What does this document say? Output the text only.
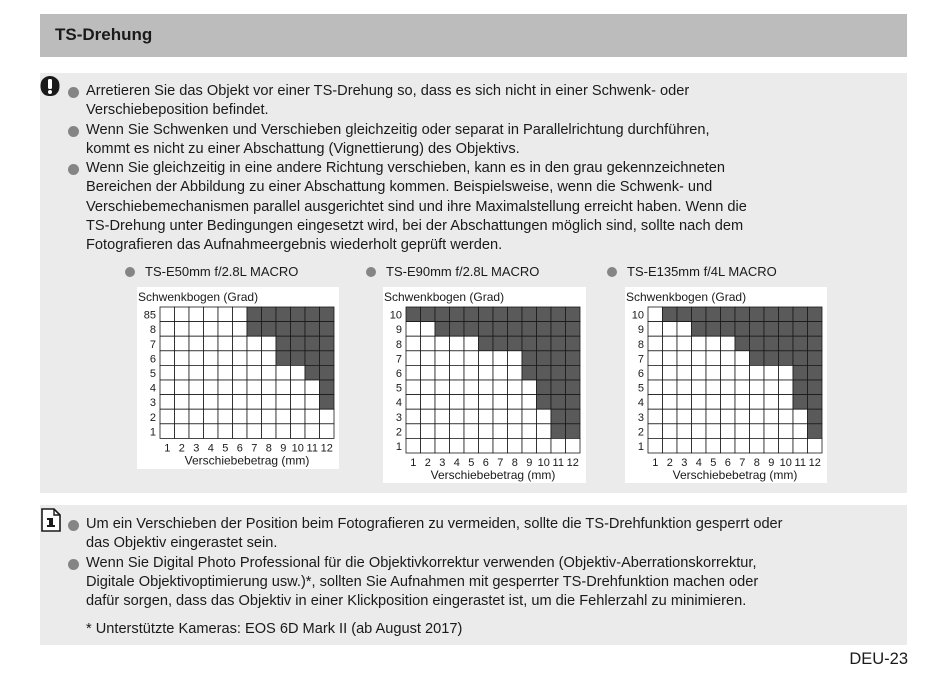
TS-Drehung
Arretieren Sie das Objekt vor einer TS-Drehung so, dass es sich nicht in einer Schwenk- oder
Verschiebeposition befindet.
Wenn Sie Schwenken und Verschieben gleichzeitig oder separat in Parallelrichtung durchführen,
kommt es nicht zu einer Abschattung (Vignettierung) des Objektivs.
Wenn Sie gleichzeitig in eine andere Richtung verschieben, kann es in den grau gekennzeichneten
Bereichen der Abbildung zu einer Abschattung kommen. Beispielsweise, wenn die Schwenk- und
Verschiebemechanismen parallel ausgerichtet sind und ihre Maximalstellung erreicht haben. Wenn die
TS-Drehung unter Bedingungen eingesetzt wird, bei der Abschattungen möglich sind, sollte nach dem
Fotografieren das Aufnahmeergebnis wiederholt geprüft werden.
TS-E50mm f/2.8L MACRO	TS-E90mm f/2.8L MACRO	TS-E135mm f/4L MACRO
Schwenkbogen (Grad)
85
8
7
6
5
4
3
2
1
1 2 3 4 5 6 7 8 9 10 11 12
Verschiebebetrag (mm)
Schwenkbogen (Grad)
10
9
8
7
6
5
4
3
2
1
1 2 3 4 5 6 7 8 9 10 11 12
Verschiebebetrag (mm)
Schwenkbogen (Grad)
10
9
8
7
6
5
4
3
2
1
1 2 3 4 5 6 7 8 9 10 11 12
Verschiebebetrag (mm)
Um ein Verschieben der Position beim Fotografieren zu vermeiden, sollte die TS-Drehfunktion gesperrt oder
das Objektiv eingerastet sein.
Wenn Sie Digital Photo Professional für die Objektivkorrektur verwenden (Objektiv-Aberrationskorrektur,
Digitale Objektivoptimierung usw.)*, sollten Sie Aufnahmen mit gesperrter TS-Drehfunktion machen oder
dafür sorgen, dass das Objektiv in einer Klickposition eingerastet ist, um die Fehlerzahl zu minimieren.
* Unterstützte Kameras: EOS 6D Mark II (ab August 2017)
DEU-23
